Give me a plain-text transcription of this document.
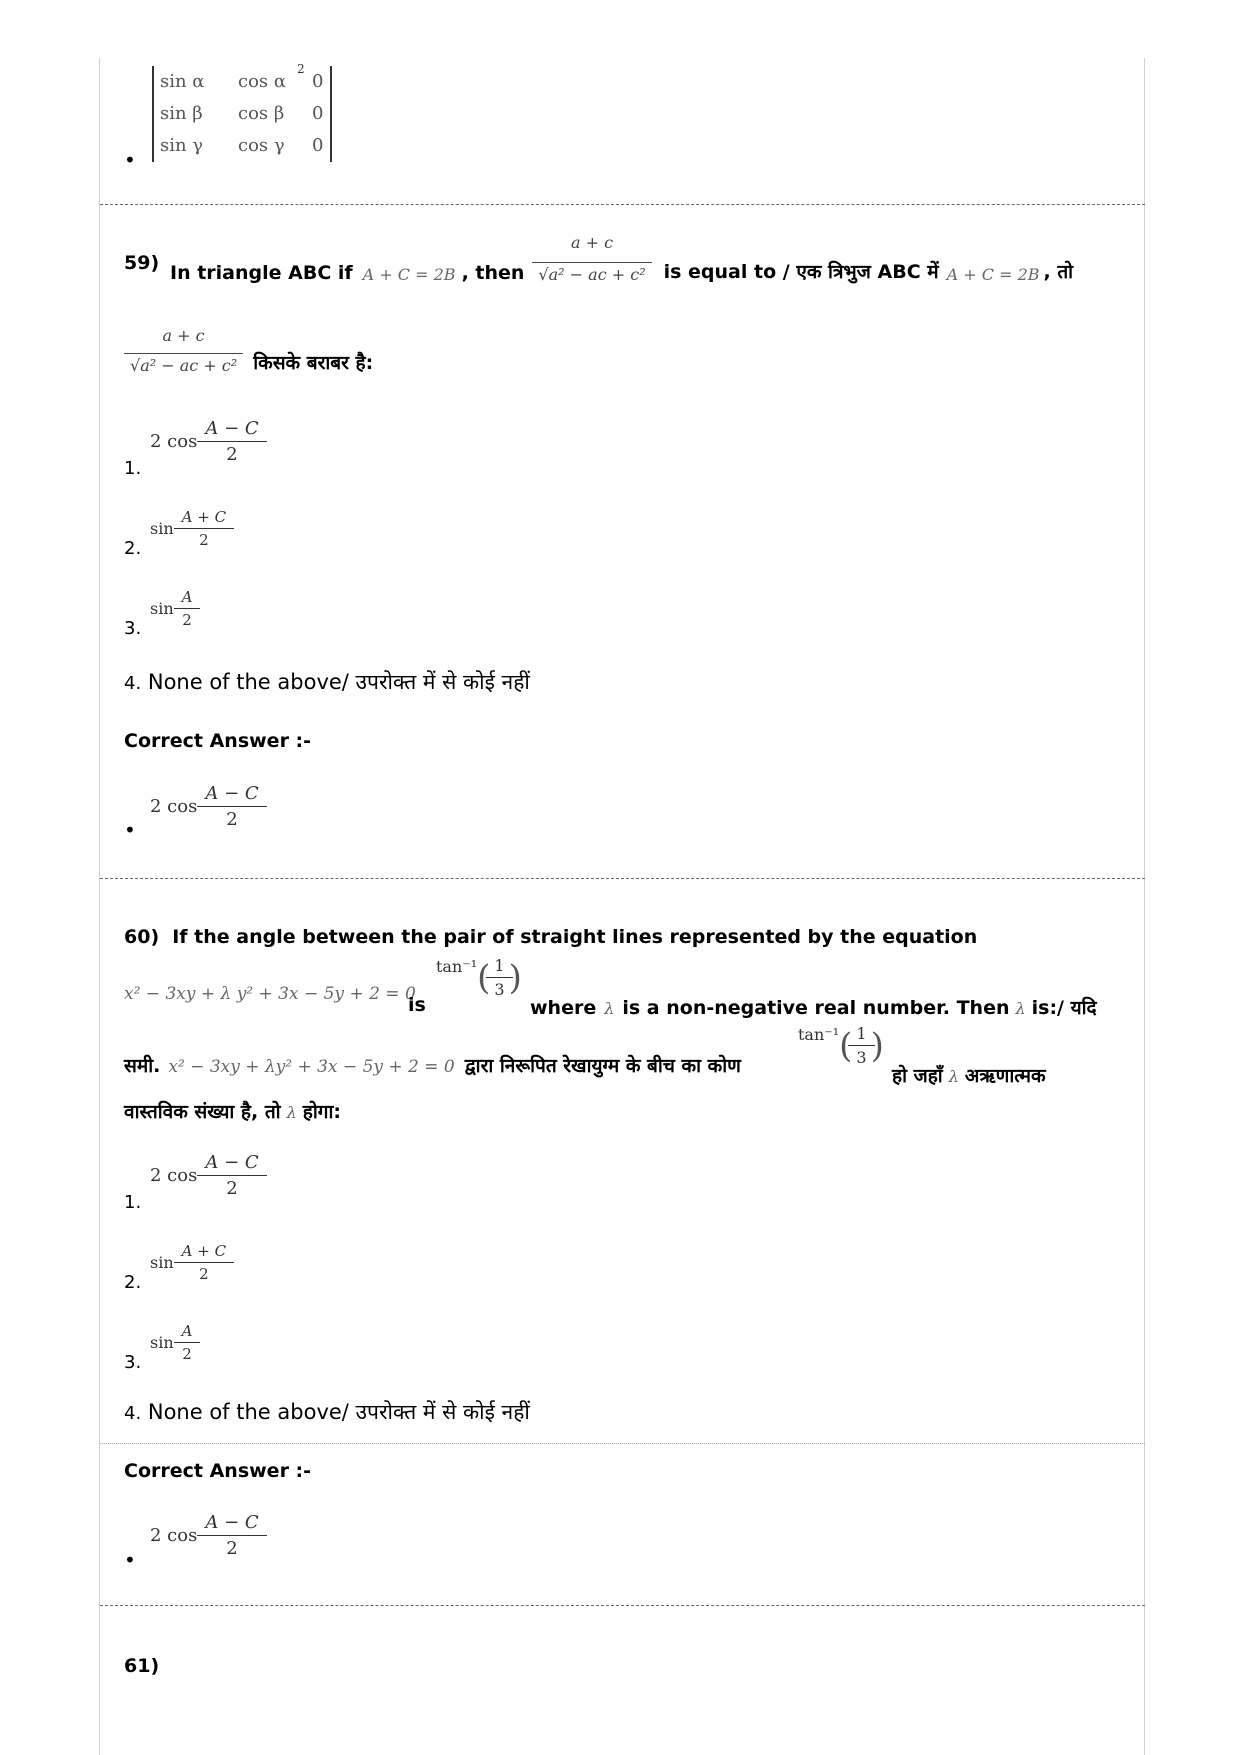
sin α	cos α 0
sin β	cos β	0
sin γ	cos γ 0
2
•
59) In triangle ABC if A + C = 2B , then
a + c
√a² − ac + c² is equal to / एक त्रिभुज ABC में A + C = 2B , तो
a + c
√a² − ac + c² किसके बराबर है:
1.
2 $\cos \frac{A - C}{2}$
2.
$\sin \frac{A + C}{2}$
3.
$\sin \frac{A}{2}$
4. None of the above/ उपरोक्त में से कोई नहीं
Correct Answer :-
•
2 $\cos \frac{A - C}{2}$
60) If the angle between the pair of straight lines represented by the equation
x² − 3xy + λ y² + 3x − 5y + 2 = 0
is
tan⁻¹ ( $\frac{1}{3}$ )
where λ is a non-negative real number. Then λ is:/ यदि
समी. x² − 3xy + λy² + 3x − 5y + 2 = 0 द्वारा निरूपित रेखायुग्म के बीच का कोण
tan⁻¹ ( $\frac{1}{3}$ )
हो जहाँ λ अऋणात्मक
वास्तविक संख्या है, तो λ होगा:
1.
2 $\cos \frac{A - C}{2}$
2.
$\sin \frac{A + C}{2}$
3.
$\sin \frac{A}{2}$
4. None of the above/ उपरोक्त में से कोई नहीं
Correct Answer :-
•
2 $\cos \frac{A - C}{2}$
61)
